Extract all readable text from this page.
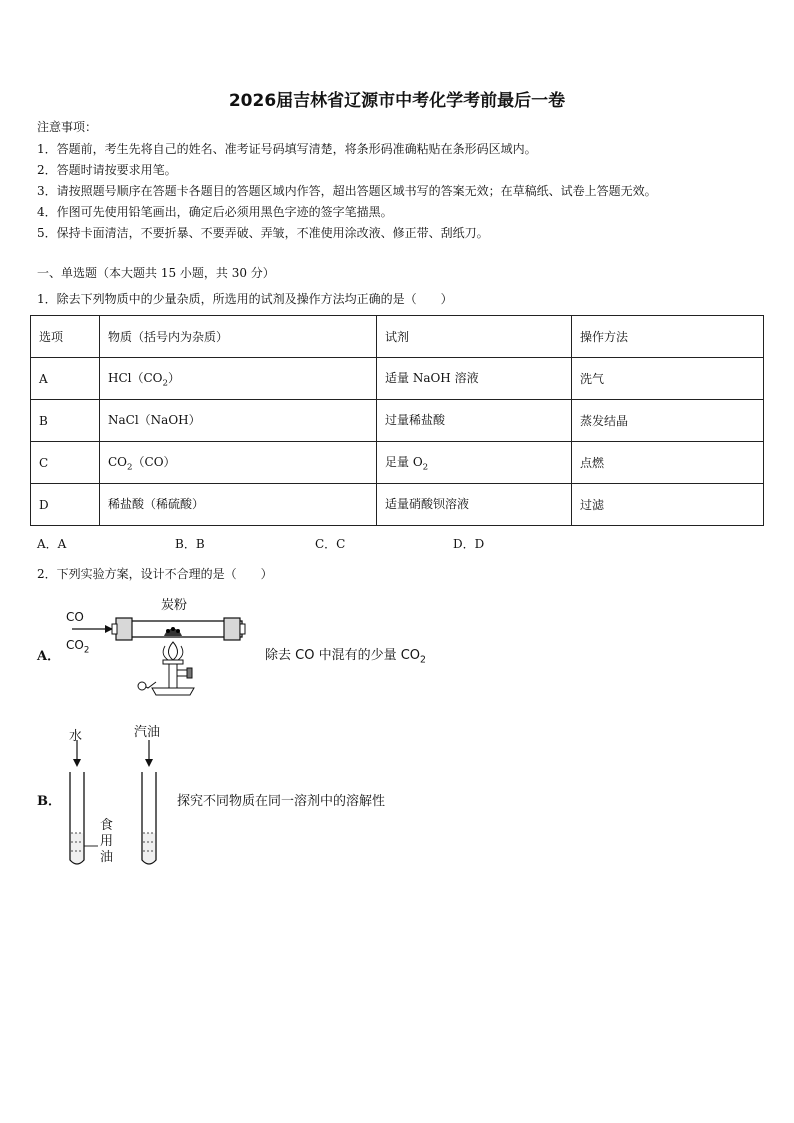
2026届吉林省辽源市中考化学考前最后一卷
注意事项：
1．答题前，考生先将自己的姓名、准考证号码填写清楚，将条形码准确粘贴在条形码区域内。
2．答题时请按要求用笔。
3．请按照题号顺序在答题卡各题目的答题区域内作答，超出答题区域书写的答案无效；在草稿纸、试卷上答题无效。
4．作图可先使用铅笔画出，确定后必须用黑色字迹的签字笔描黑。
5．保持卡面清洁，不要折暴、不要弄破、弄皱，不准使用涂改液、修正带、刮纸刀。
一、单选题（本大题共 15 小题，共 30 分）
1．除去下列物质中的少量杂质，所选用的试剂及操作方法均正确的是（　　）
选项	物质（括号内为杂质）	试剂	操作方法
A	$HCl(CO_2)$	适量 NaOH 溶液	洗气
B	NaCl（NaOH）	过量稀盐酸	蒸发结晶
C	$CO_2(CO)$	足量 $O_2$	点燃
D	稀盐酸（稀硫酸）	适量硝酸钡溶液	过滤
A．A	B．B	C．C	D．D
2．下列实验方案，设计不合理的是（　　）
A．
CO
$CO_2$
炭粉
除去 CO 中混有的少量 $CO_2$
B．
水	汽油
食
用
油
探究不同物质在同一溶剂中的溶解性
